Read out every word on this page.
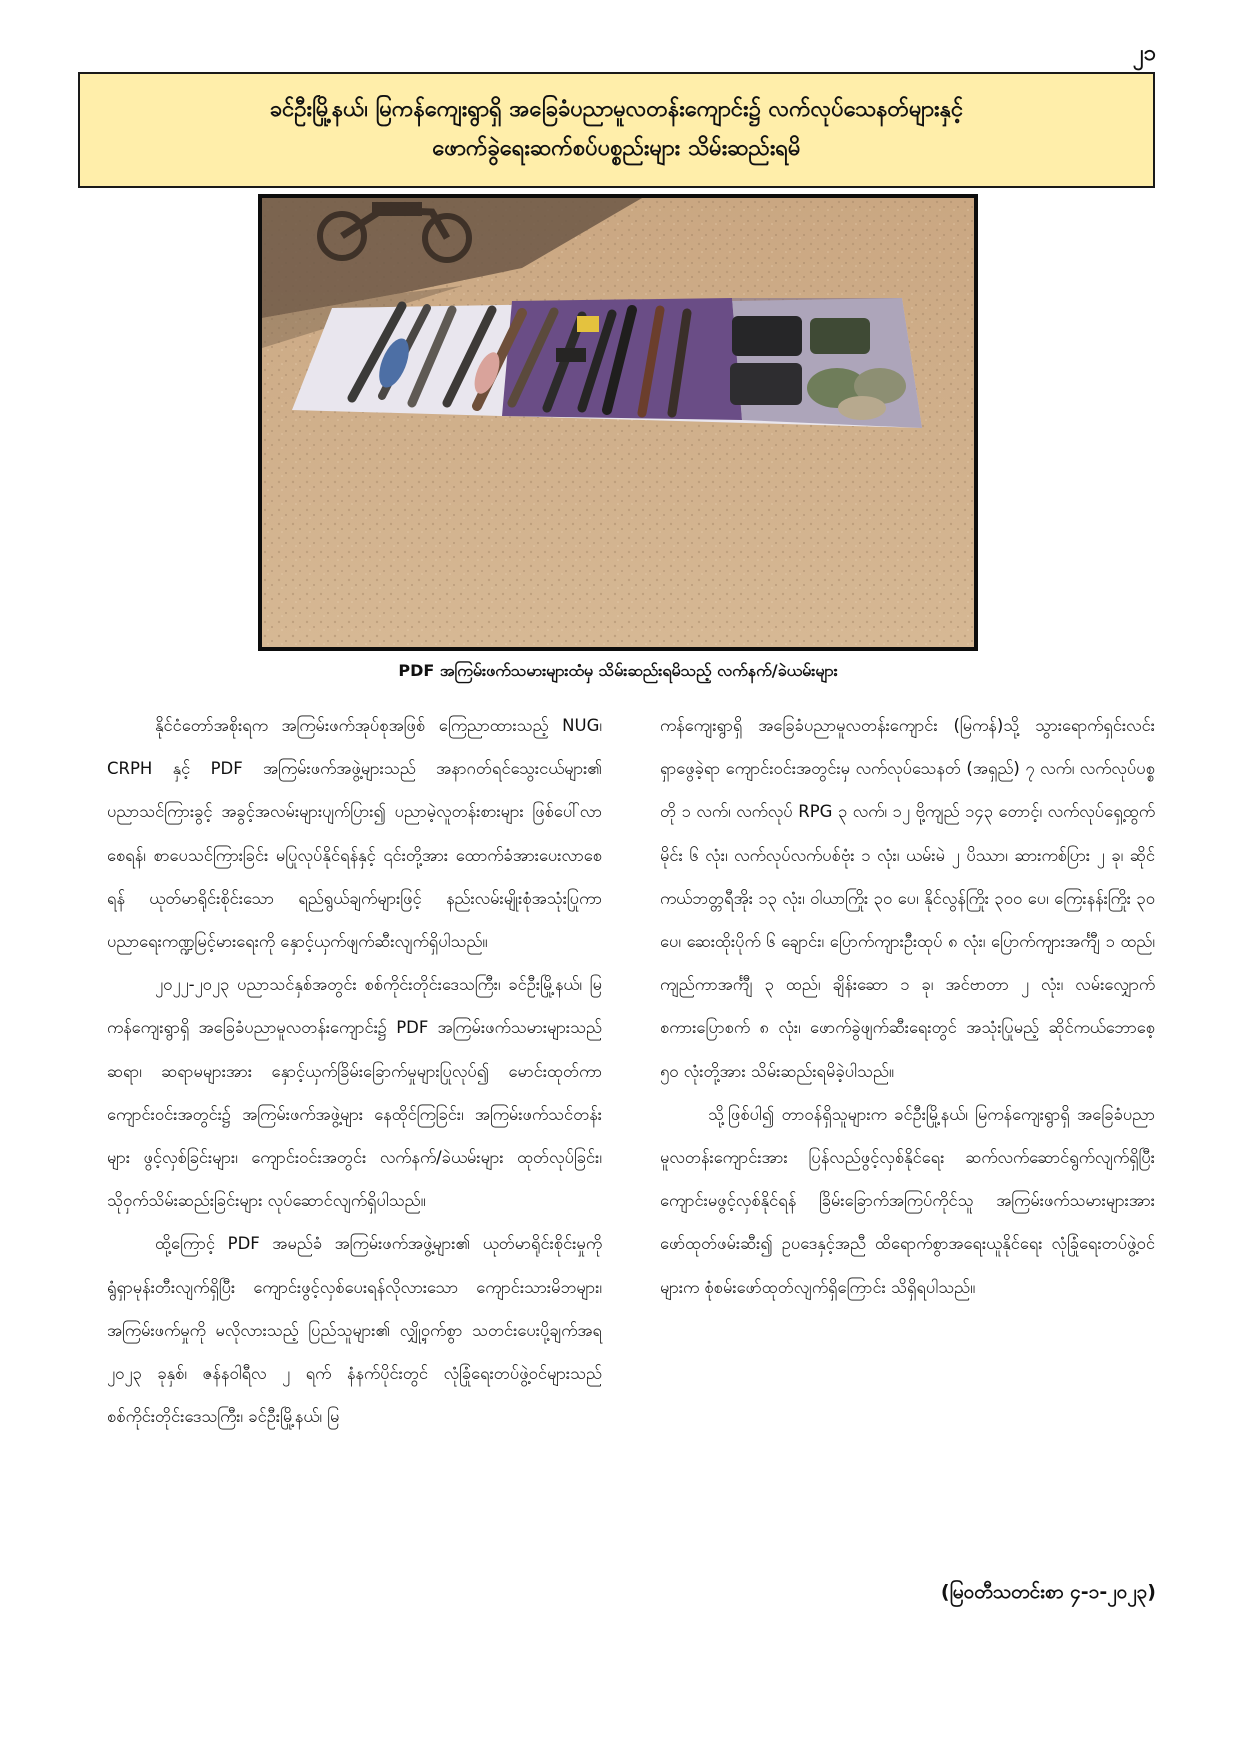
၂၁
ခင်ဦးမြို့နယ်၊ မြကန်ကျေးရွာရှိ အခြေခံပညာမူလတန်းကျောင်း၌ လက်လုပ်သေနတ်များနှင့်
ဖောက်ခွဲရေးဆက်စပ်ပစ္စည်းများ သိမ်းဆည်းရမိ
PDF အကြမ်းဖက်သမားများထံမှ သိမ်းဆည်းရမိသည့် လက်နက်/ခဲယမ်းများ

နိုင်ငံတော်အစိုးရက အကြမ်းဖက်အုပ်စုအဖြစ် ကြေညာထားသည့် NUG၊ CRPH နှင့် PDF အကြမ်းဖက်အဖွဲ့များသည် အနာဂတ်ရင်သွေးငယ်များ၏ ပညာသင်ကြားခွင့် အခွင့်အလမ်းများပျက်ပြား၍ ပညာမဲ့လူတန်းစားများ ဖြစ်ပေါ်လာစေရန်၊ စာပေသင်ကြားခြင်း မပြုလုပ်နိုင်ရန်နှင့် ၎င်းတို့အား ထောက်ခံအားပေးလာစေရန် ယုတ်မာရိုင်းစိုင်းသော ရည်ရွယ်ချက်များဖြင့် နည်းလမ်းမျိုးစုံအသုံးပြုကာ ပညာရေးကဏ္ဍမြင့်မားရေးကို နှောင့်ယှက်ဖျက်ဆီးလျက်ရှိပါသည်။

၂၀၂၂-၂၀၂၃ ပညာသင်နှစ်အတွင်း စစ်ကိုင်းတိုင်းဒေသကြီး၊ ခင်ဦးမြို့နယ်၊ မြကန်ကျေးရွာရှိ အခြေခံပညာမူလတန်းကျောင်း၌ PDF အကြမ်းဖက်သမားများသည် ဆရာ၊ ဆရာမများအား နှောင့်ယှက်ခြိမ်းခြောက်မှုများပြုလုပ်၍ မောင်းထုတ်ကာ ကျောင်းဝင်းအတွင်း၌ အကြမ်းဖက်အဖွဲ့များ နေထိုင်ကြခြင်း၊ အကြမ်းဖက်သင်တန်းများ ဖွင့်လှစ်ခြင်းများ၊ ကျောင်းဝင်းအတွင်း လက်နက်/ခဲယမ်းများ ထုတ်လုပ်ခြင်း၊ သိုဝှက်သိမ်းဆည်းခြင်းများ လုပ်ဆောင်လျက်ရှိပါသည်။

ထို့ကြောင့် PDF အမည်ခံ အကြမ်းဖက်အဖွဲ့များ၏ ယုတ်မာရိုင်းစိုင်းမှုကို ရွံရှာမုန်းတီးလျက်ရှိပြီး ကျောင်းဖွင့်လှစ်ပေးရန်လိုလားသော ကျောင်းသားမိဘများ၊ အကြမ်းဖက်မှုကို မလိုလားသည့် ပြည်သူများ၏ လျှို့ဝှက်စွာ သတင်းပေးပို့ချက်အရ ၂၀၂၃ ခုနှစ်၊ ဇန်နဝါရီလ ၂ ရက် နံနက်ပိုင်းတွင် လုံခြုံရေးတပ်ဖွဲ့ဝင်များသည် စစ်ကိုင်းတိုင်းဒေသကြီး၊ ခင်ဦးမြို့နယ်၊ မြ

ကန်ကျေးရွာရှိ အခြေခံပညာမူလတန်းကျောင်း (မြကန်)သို့ သွားရောက်ရှင်းလင်းရှာဖွေခဲ့ရာ ကျောင်းဝင်းအတွင်းမှ လက်လုပ်သေနတ် (အရှည်) ၇ လက်၊ လက်လုပ်ပစ္စတို ၁ လက်၊ လက်လုပ် RPG ၃ လက်၊ ၁၂ ဗို့ကျည် ၁၄၃ တောင့်၊ လက်လုပ်ရှေ့ထွက်မိုင်း ၆ လုံး၊ လက်လုပ်လက်ပစ်ဗုံး ၁ လုံး၊ ယမ်းမဲ ၂ ပိဿာ၊ ဆားကစ်ပြား ၂ ခု၊ ဆိုင်ကယ်ဘတ္တရီအိုး ၁၃ လုံး၊ ဝါယာကြိုး ၃၀ ပေ၊ နိုင်လွန်ကြိုး ၃၀၀ ပေ၊ ကြေးနန်းကြိုး ၃၀ ပေ၊ ဆေးထိုးပိုက် ၆ ချောင်း၊ ပြောက်ကျားဦးထုပ် ၈ လုံး၊ ပြောက်ကျားအင်္ကျီ ၁ ထည်၊ ကျည်ကာအင်္ကျီ ၃ ထည်၊ ချိန်းဆော ၁ ခု၊ အင်ဗာတာ ၂ လုံး၊ လမ်းလျှောက်စကားပြောစက် ၈ လုံး၊ ဖောက်ခွဲဖျက်ဆီးရေးတွင် အသုံးပြုမည့် ဆိုင်ကယ်ဘောစေ့ ၅၀ လုံးတို့အား သိမ်းဆည်းရမိခဲ့ပါသည်။

သို့ဖြစ်ပါ၍ တာဝန်ရှိသူများက ခင်ဦးမြို့နယ်၊ မြကန်ကျေးရွာရှိ အခြေခံပညာမူလတန်းကျောင်းအား ပြန်လည်ဖွင့်လှစ်နိုင်ရေး ဆက်လက်ဆောင်ရွက်လျက်ရှိပြီး ကျောင်းမဖွင့်လှစ်နိုင်ရန် ခြိမ်းခြောက်အကြပ်ကိုင်သူ အကြမ်းဖက်သမားများအား ဖော်ထုတ်ဖမ်းဆီး၍ ဥပဒေနှင့်အညီ ထိရောက်စွာအရေးယူနိုင်ရေး လုံခြုံရေးတပ်ဖွဲ့ဝင်များက စုံစမ်းဖော်ထုတ်လျက်ရှိကြောင်း သိရှိရပါသည်။

(မြဝတီသတင်းစာ ၄-၁-၂၀၂၃)
